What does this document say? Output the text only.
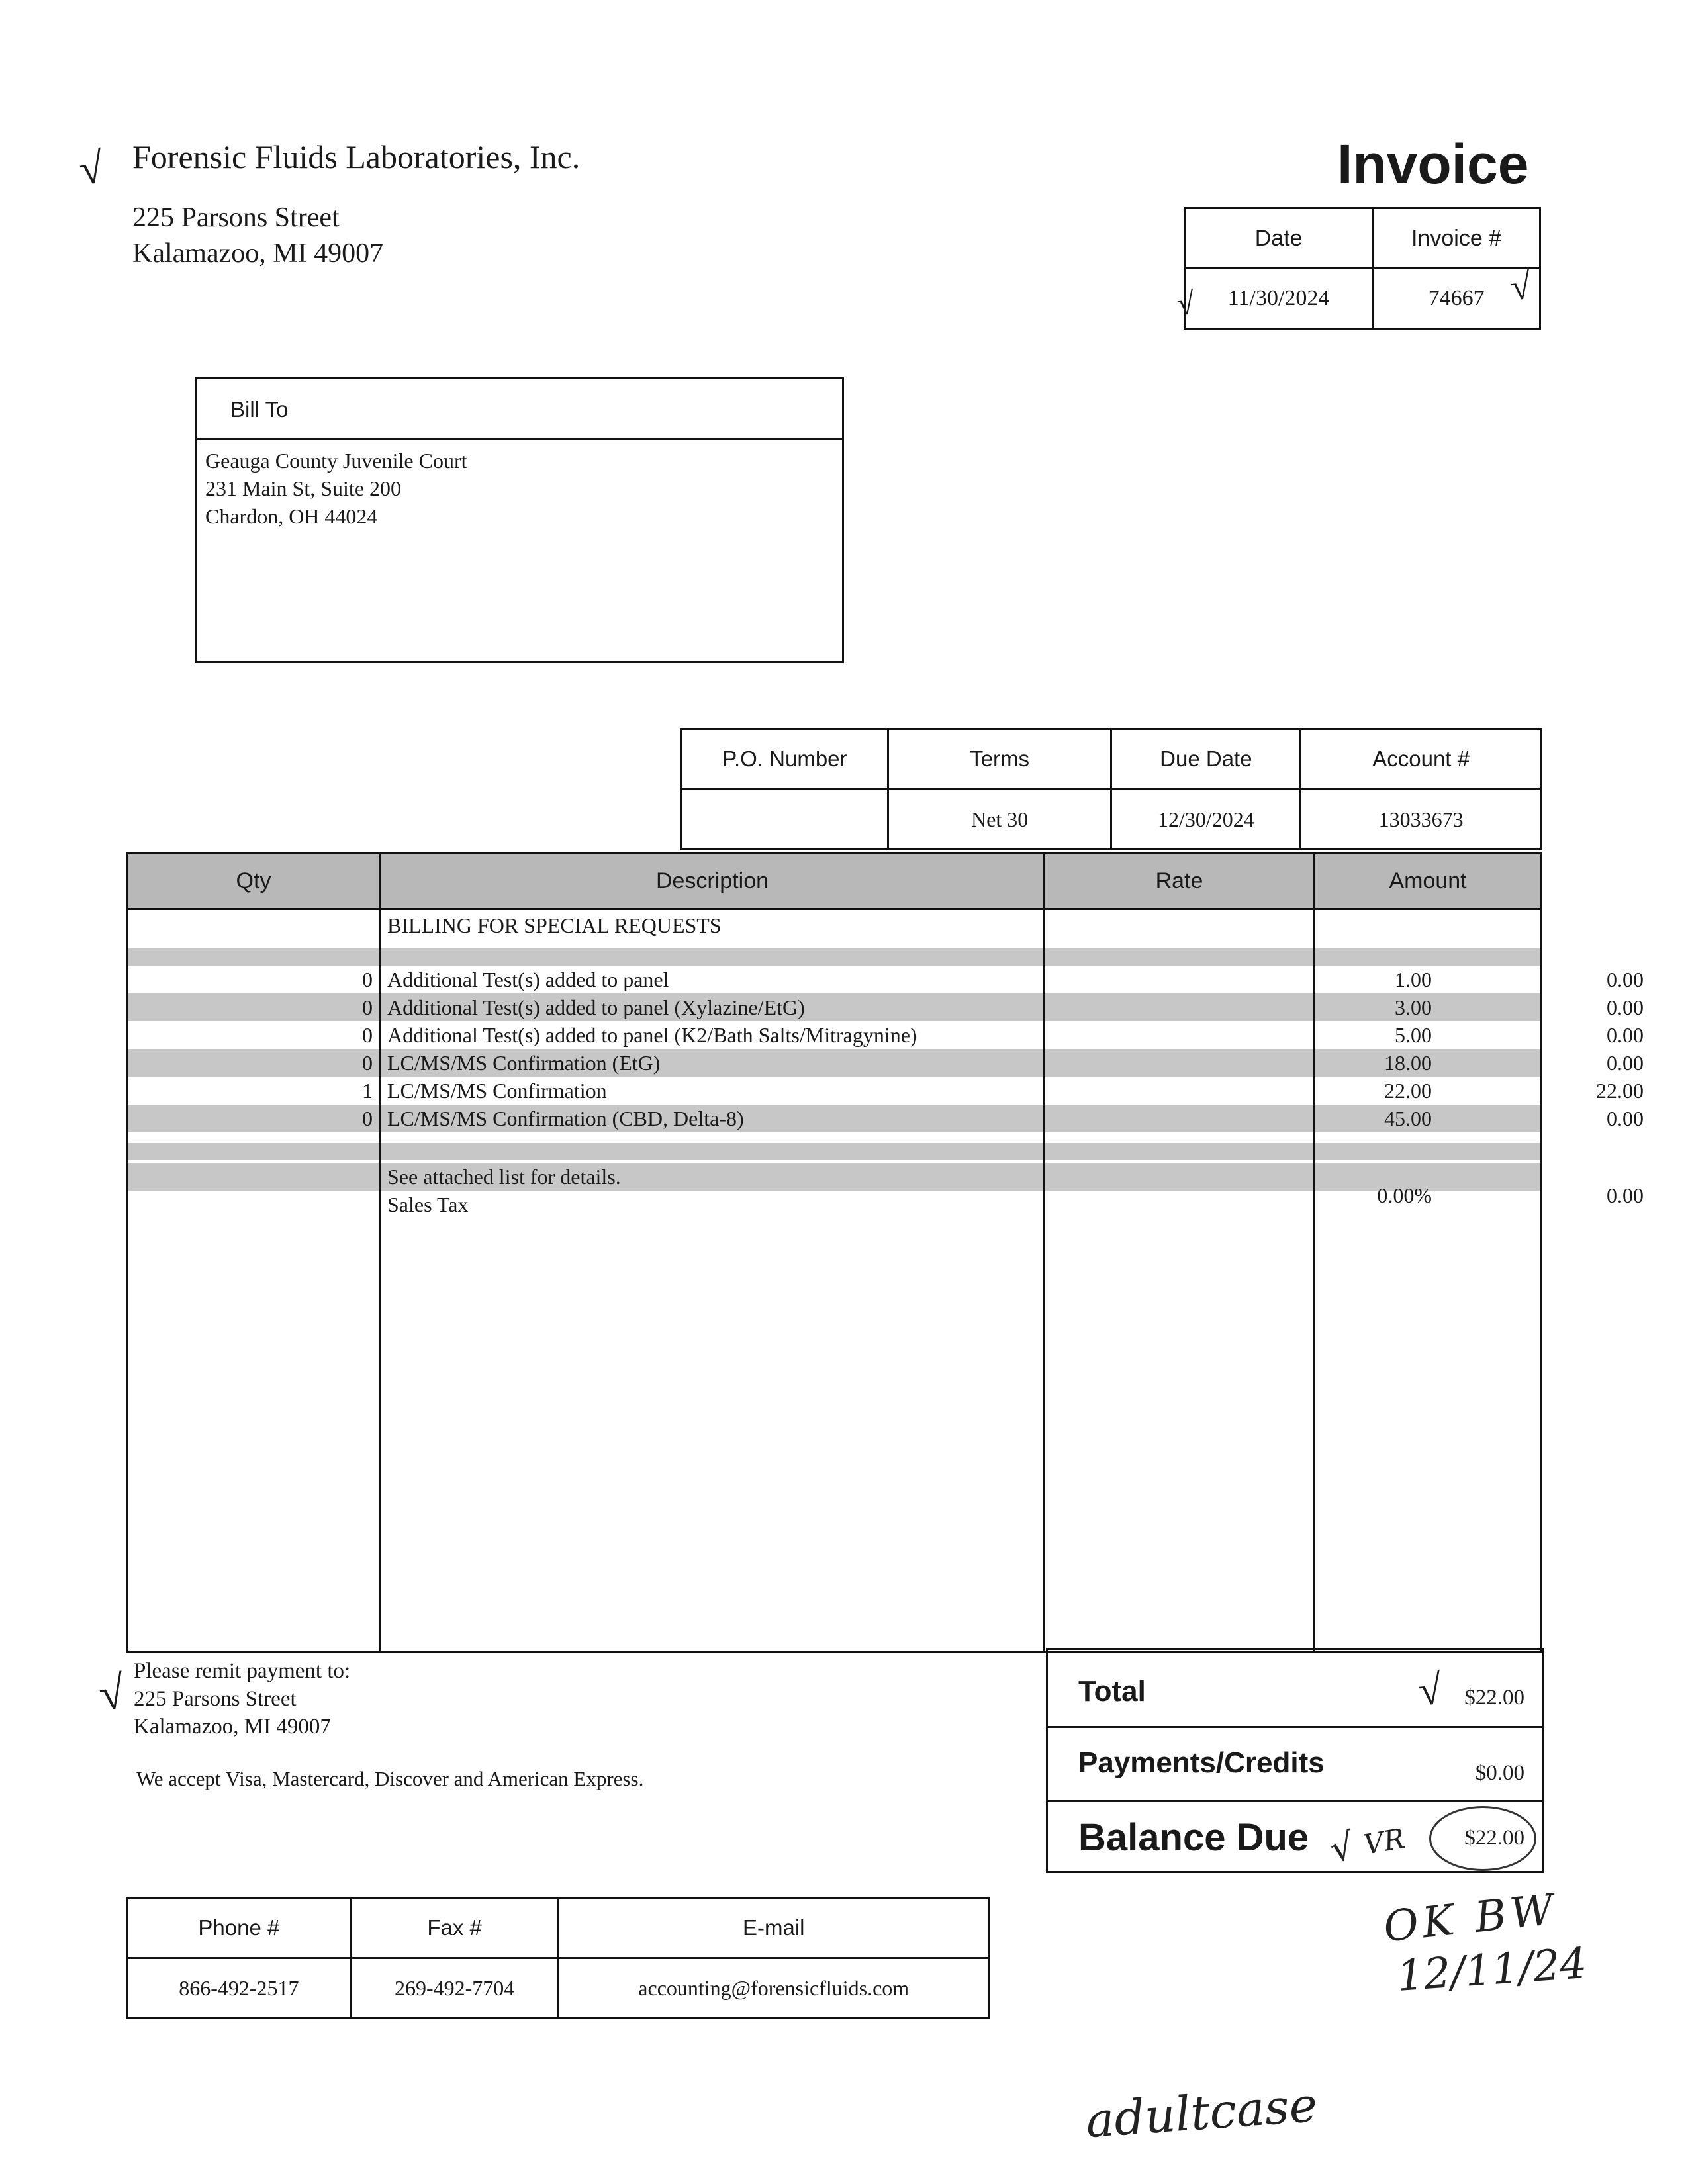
√ Forensic Fluids Laboratories, Inc.
225 Parsons Street
Kalamazoo, MI 49007
Invoice
Date	Invoice #
11/30/2024	74667
√	√
Bill To
Geauga County Juvenile Court
231 Main St, Suite 200
Chardon, OH 44024
P.O. Number	Terms	Due Date	Account #
	Net 30	12/30/2024	13033673
Qty	Description	Rate	Amount
BILLING FOR SPECIAL REQUESTS
0 Additional Test(s) added to panel	1.00	0.00
0 Additional Test(s) added to panel (Xylazine/EtG)	3.00	0.00
0 Additional Test(s) added to panel (K2/Bath Salts/Mitragynine)	5.00	0.00
0 LC/MS/MS Confirmation (EtG)	18.00	0.00
1 LC/MS/MS Confirmation	22.00	22.00
0 LC/MS/MS Confirmation (CBD, Delta-8)	45.00	0.00
See attached list for details.
Sales Tax	0.00%	0.00
√ Please remit payment to:
225 Parsons Street
Kalamazoo, MI 49007
We accept Visa, Mastercard, Discover and American Express.
Total	√ $22.00
Payments/Credits	$0.00
Balance Due	$22.00
√ VR
OK BW
12/11/24
adultcase
Phone #	Fax #	E-mail
866-492-2517	269-492-7704	accounting@forensicfluids.com
